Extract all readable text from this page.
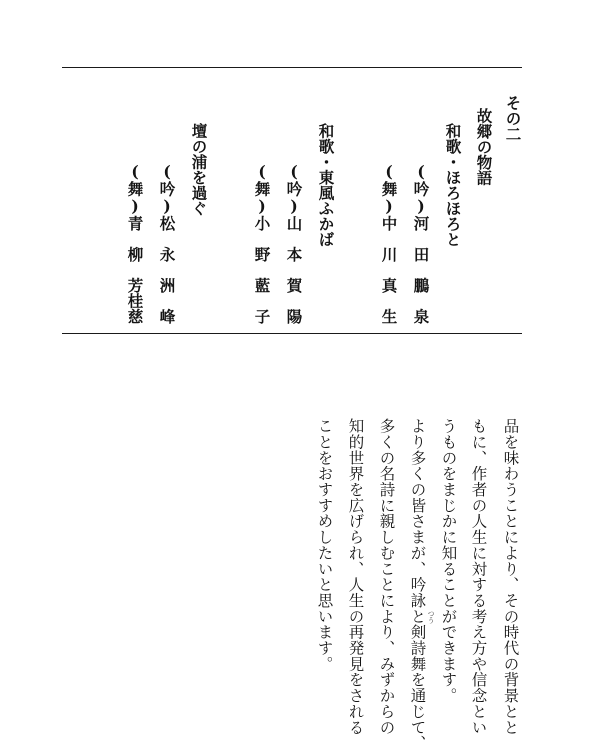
その二
故郷の物語
和歌・ほろほろと
(吟)河　田　鵬　泉
(舞)中　川　真　生
和歌・東風ふかば
(吟)山　本　賀　陽
(舞)小　野　藍　子
壇の浦を過ぐ
(吟)松　永　洲　峰
(舞)青　柳　芳桂慈
品を味わうことにより、その時代の背景とと
もに、作者の人生に対する考え方や信念とい
うものをまじかに知ることができます。
より多くの皆さまが、吟詠と剣詩舞を通じて、
多くの名詩に親しむことにより、みずからの
知的世界を広げられ、人生の再発見をされる
ことをおすすめしたいと思います。	つう
